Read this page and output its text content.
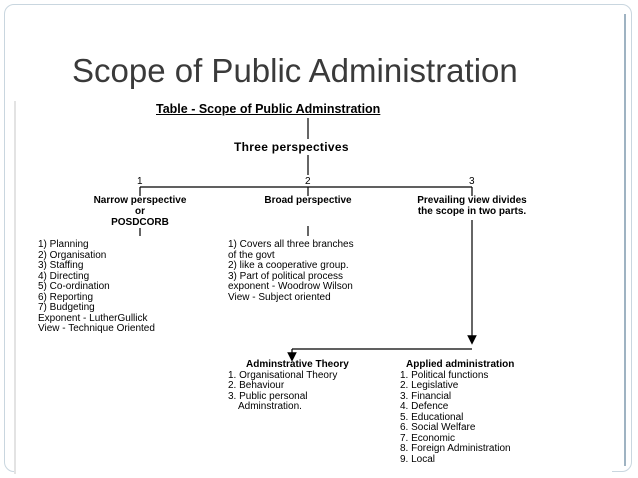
Scope of Public Administration
Table - Scope of Public Adminstration
Three perspectives
1	2	3
Narrow perspective
or
POSDCORB
Broad perspective	Prevailing view divides
the scope in two parts.
1) Planning
2) Organisation
3) Staffing
4) Directing
5) Co-ordination
6) Reporting
7) Budgeting
Exponent - LutherGullick
View - Technique Oriented
1) Covers all three branches
of the govt
2) like a cooperative group.
3) Part of political process
exponent - Woodrow Wilson
View - Subject oriented
Adminstrative Theory
1. Organisational Theory
2. Behaviour
3. Public personal
Adminstration.
Applied administration
1. Political functions
2. Legislative
3. Financial
4. Defence
5. Educational
6. Social Welfare
7. Economic
8. Foreign Administration
9. Local
